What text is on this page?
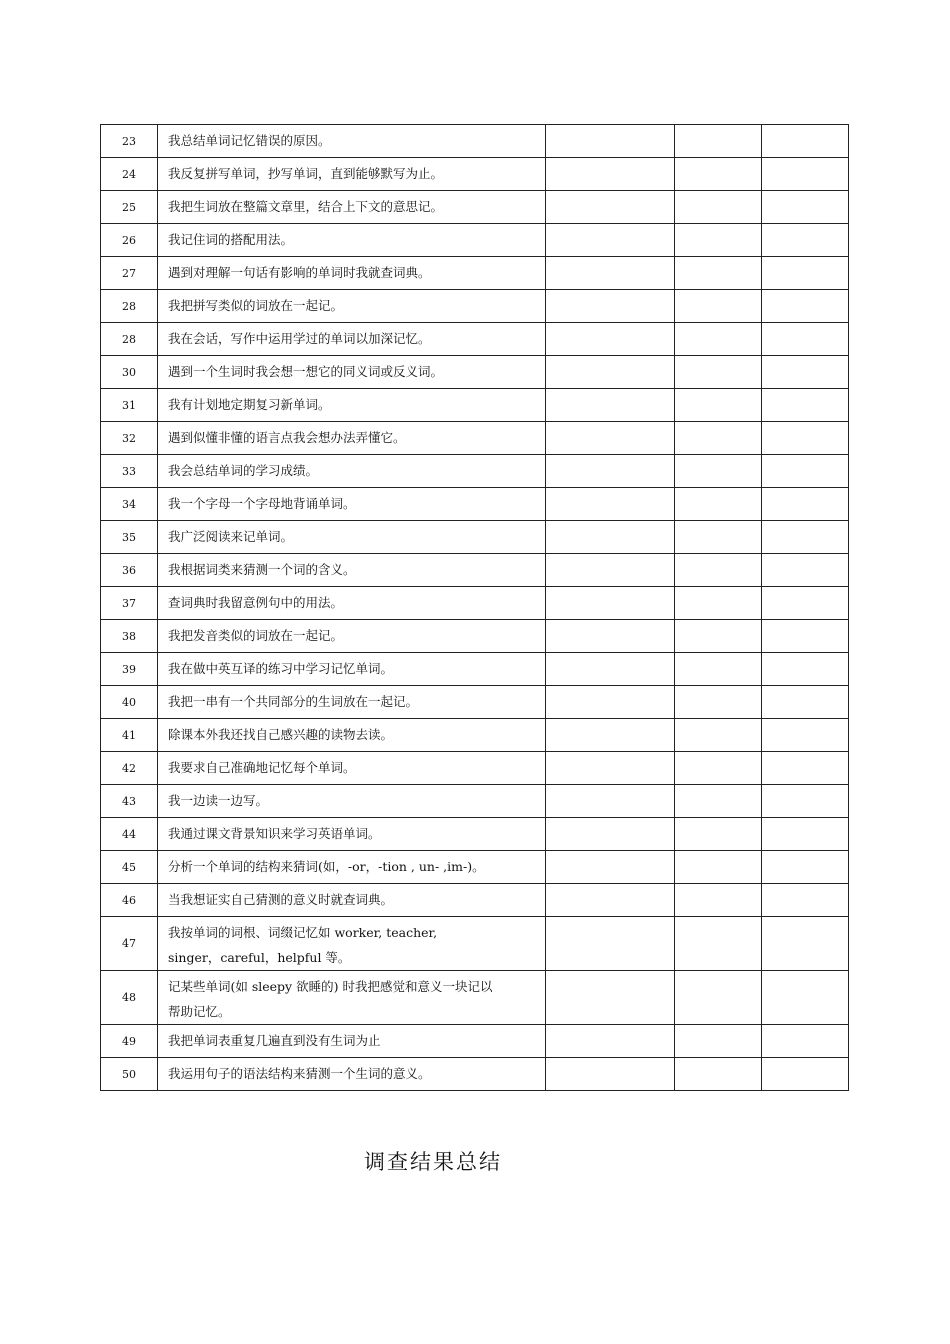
23	我总结单词记忆错误的原因。			

24	我反复拼写单词，抄写单词，直到能够默写为止。			

25	我把生词放在整篇文章里，结合上下文的意思记。			

26	我记住词的搭配用法。			

27	遇到对理解一句话有影响的单词时我就查词典。			

28	我把拼写类似的词放在一起记。			

28	我在会话，写作中运用学过的单词以加深记忆。			

30	遇到一个生词时我会想一想它的同义词或反义词。			

31	我有计划地定期复习新单词。			

32	遇到似懂非懂的语言点我会想办法弄懂它。			

33	我会总结单词的学习成绩。			

34	我一个字母一个字母地背诵单词。			

35	我广泛阅读来记单词。			

36	我根据词类来猜测一个词的含义。			

37	查词典时我留意例句中的用法。			

38	我把发音类似的词放在一起记。			

39	我在做中英互译的练习中学习记忆单词。			

40	我把一串有一个共同部分的生词放在一起记。			

41	除课本外我还找自己感兴趣的读物去读。			

42	我要求自己准确地记忆每个单词。			

43	我一边读一边写。			

44	我通过课文背景知识来学习英语单词。			

45	分析一个单词的结构来猜词(如，-or，-tion , un- ,im-)。			

46	当我想证实自己猜测的意义时就查词典。			

47	我按单词的词根、词缀记忆如 worker, teacher,
singer，careful，helpful 等。			

48	记某些单词(如 sleepy 欲睡的) 时我把感觉和意义一块记以
帮助记忆。			

49	我把单词表重复几遍直到没有生词为止			

50	我运用句子的语法结构来猜测一个生词的意义。			

调查结果总结
